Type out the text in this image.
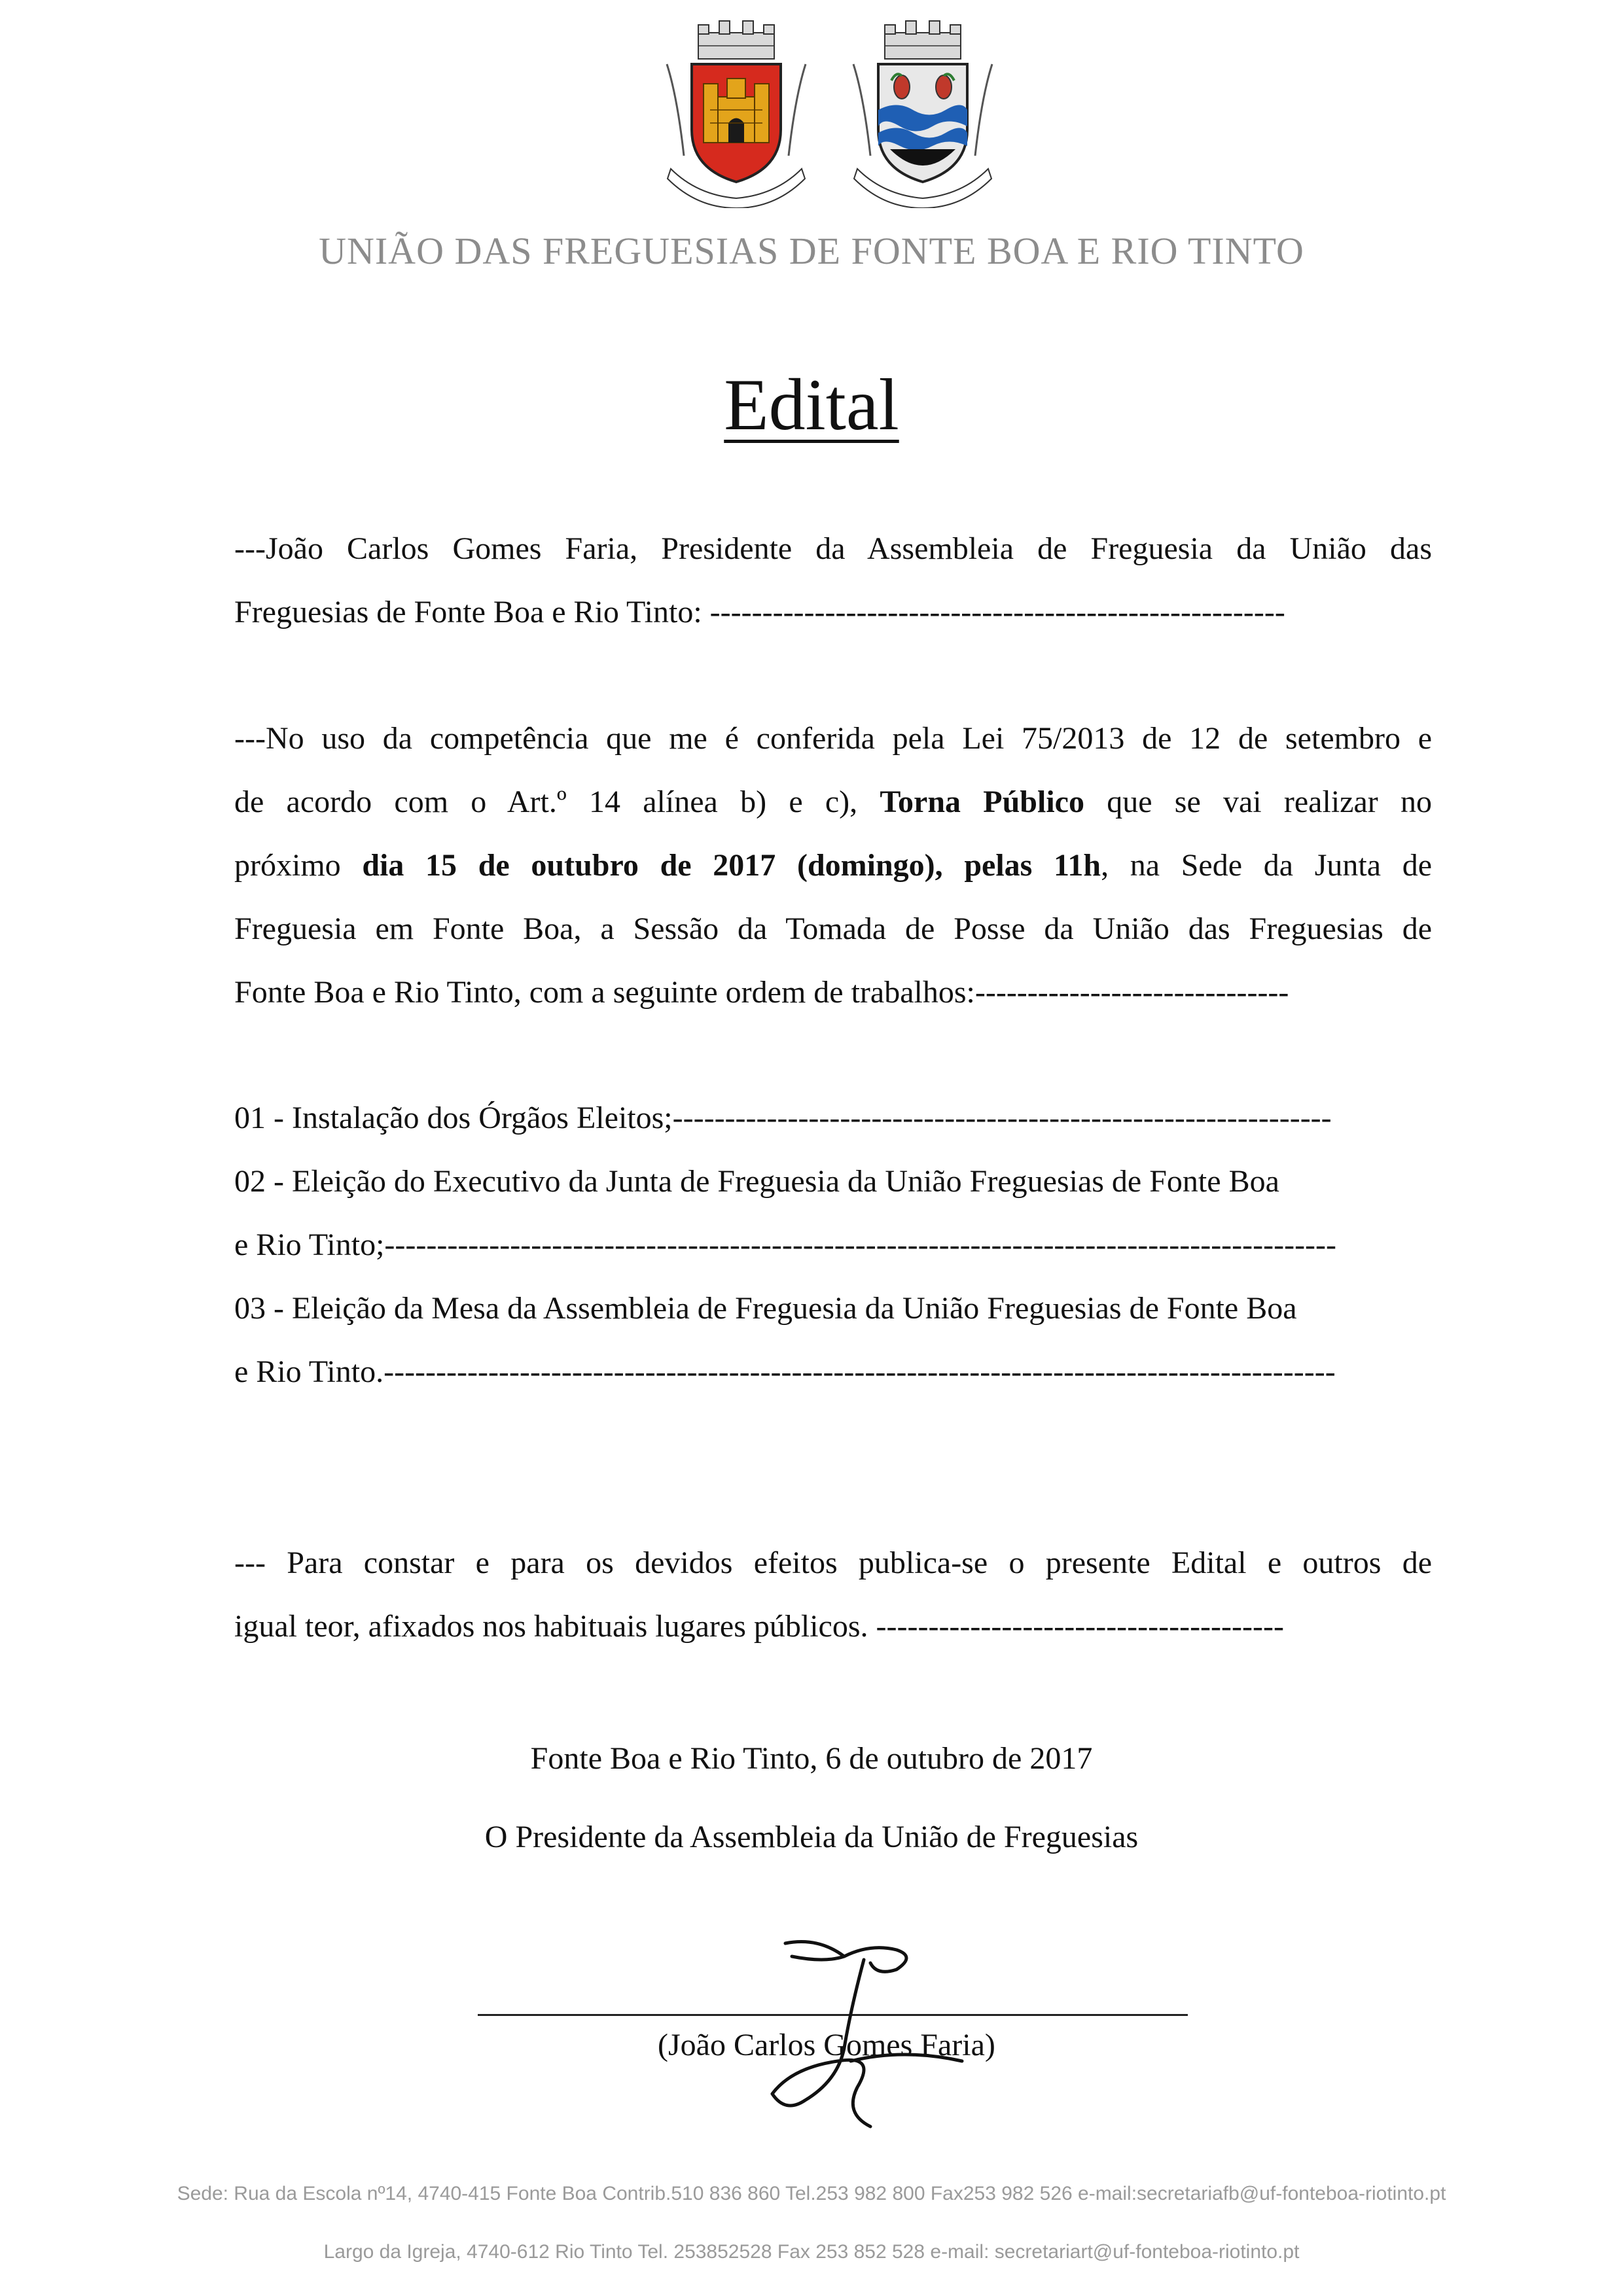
UNIÃO DAS FREGUESIAS DE FONTE BOA E RIO TINTO
Edital
---João Carlos Gomes Faria, Presidente da Assembleia de Freguesia da União das
Freguesias de Fonte Boa e Rio Tinto: -------------------------------------------------------
---No uso da competência que me é conferida pela Lei 75/2013 de 12 de setembro e
de acordo com o Art.º 14 alínea b) e c), Torna Público que se vai realizar no
próximo dia 15 de outubro de 2017 (domingo), pelas 11h, na Sede da Junta de
Freguesia em Fonte Boa, a Sessão da Tomada de Posse da União das Freguesias de
Fonte Boa e Rio Tinto, com a seguinte ordem de trabalhos:------------------------------
01 - Instalação dos Órgãos Eleitos;---------------------------------------------------------------
02 - Eleição do Executivo da Junta de Freguesia da União Freguesias de Fonte Boa
e Rio Tinto;-------------------------------------------------------------------------------------------
03 - Eleição da Mesa da Assembleia de Freguesia da União Freguesias de Fonte Boa
e Rio Tinto.-------------------------------------------------------------------------------------------
--- Para constar e para os devidos efeitos publica-se o presente Edital e outros de
igual teor, afixados nos habituais lugares públicos. ---------------------------------------
Fonte Boa e Rio Tinto, 6 de outubro de 2017
O Presidente da Assembleia da União de Freguesias
(João Carlos Gomes Faria)
Sede: Rua da Escola nº14, 4740-415 Fonte Boa Contrib.510 836 860 Tel.253 982 800 Fax253 982 526 e-mail:secretariafb@uf-fonteboa-riotinto.pt
Largo da Igreja, 4740-612 Rio Tinto Tel. 253852528 Fax 253 852 528 e-mail: secretariart@uf-fonteboa-riotinto.pt
